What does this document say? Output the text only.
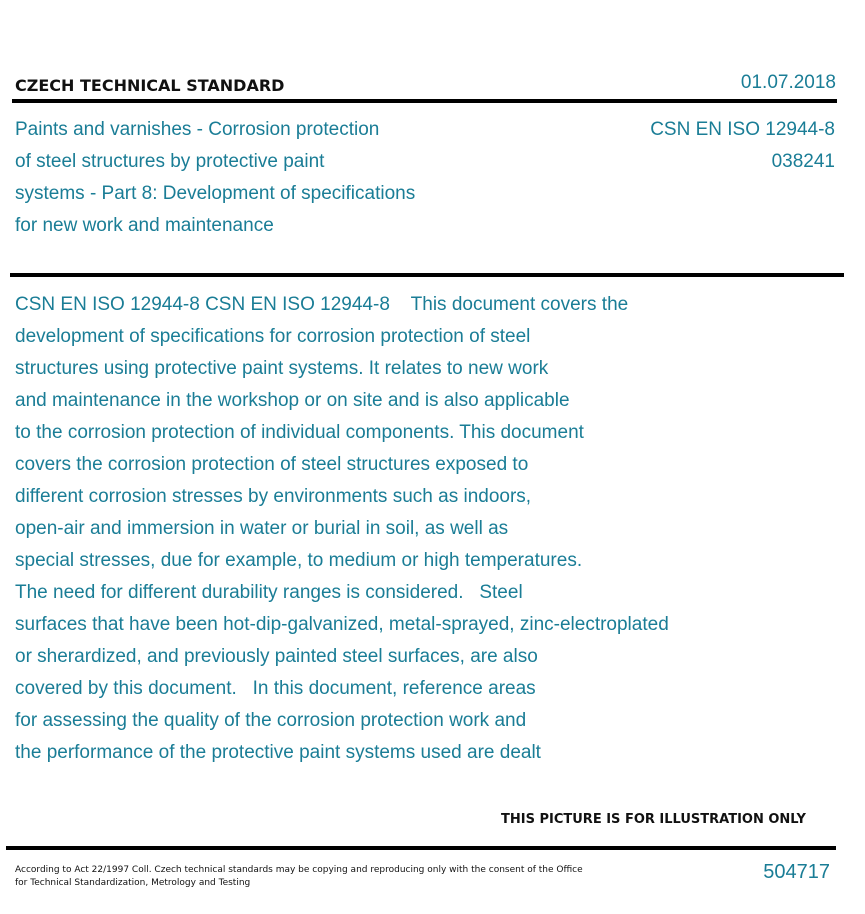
CZECH TECHNICAL STANDARD	01.07.2018
Paints and varnishes - Corrosion protection
of steel structures by protective paint
systems - Part 8: Development of specifications
for new work and maintenance
CSN EN ISO 12944-8
038241
CSN EN ISO 12944-8 CSN EN ISO 12944-8    This document covers the
development of specifications for corrosion protection of steel
structures using protective paint systems. It relates to new work
and maintenance in the workshop or on site and is also applicable
to the corrosion protection of individual components. This document
covers the corrosion protection of steel structures exposed to
different corrosion stresses by environments such as indoors,
open-air and immersion in water or burial in soil, as well as
special stresses, due for example, to medium or high temperatures.
The need for different durability ranges is considered.   Steel
surfaces that have been hot-dip-galvanized, metal-sprayed, zinc-electroplated
or sherardized, and previously painted steel surfaces, are also
covered by this document.   In this document, reference areas
for assessing the quality of the corrosion protection work and
the performance of the protective paint systems used are dealt
THIS PICTURE IS FOR ILLUSTRATION ONLY
According to Act 22/1997 Coll. Czech technical standards may be copying and reproducing only with the consent of the Office
for Technical Standardization, Metrology and Testing	504717
